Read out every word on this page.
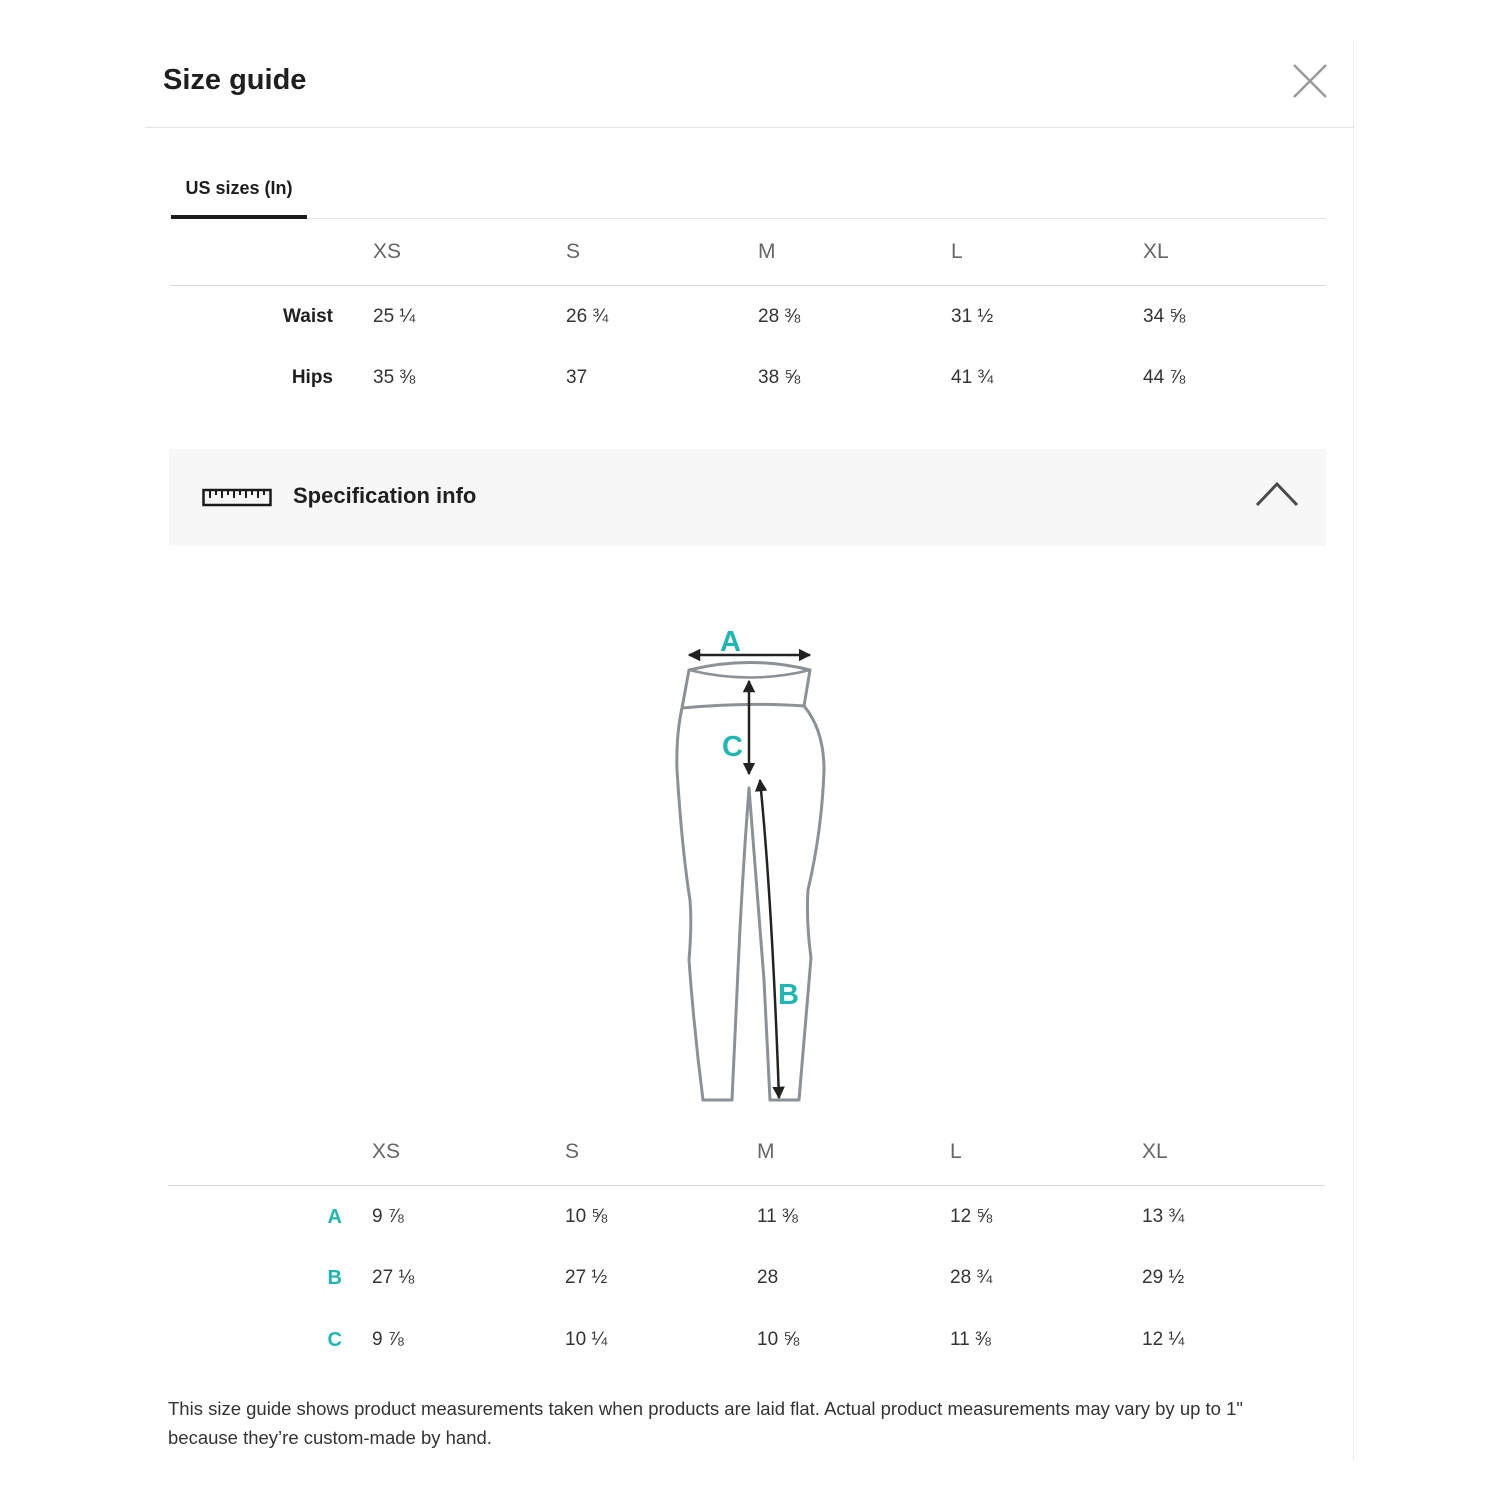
Size guide
US sizes (In)
	XS	S	M	L	XL
Waist	25 ¼	26 ¾	28 ⅜	31 ½	34 ⅝
Hips	35 ⅜	37	38 ⅝	41 ¾	44 ⅞
Specification info
A
C
B
	XS	S	M	L	XL
A	9 ⅞	10 ⅝	11 ⅜	12 ⅝	13 ¾
B	27 ⅛	27 ½	28	28 ¾	29 ½
C	9 ⅞	10 ¼	10 ⅝	11 ⅜	12 ¼
This size guide shows product measurements taken when products are laid flat. Actual product measurements may vary by up to 1" because they’re custom-made by hand.
